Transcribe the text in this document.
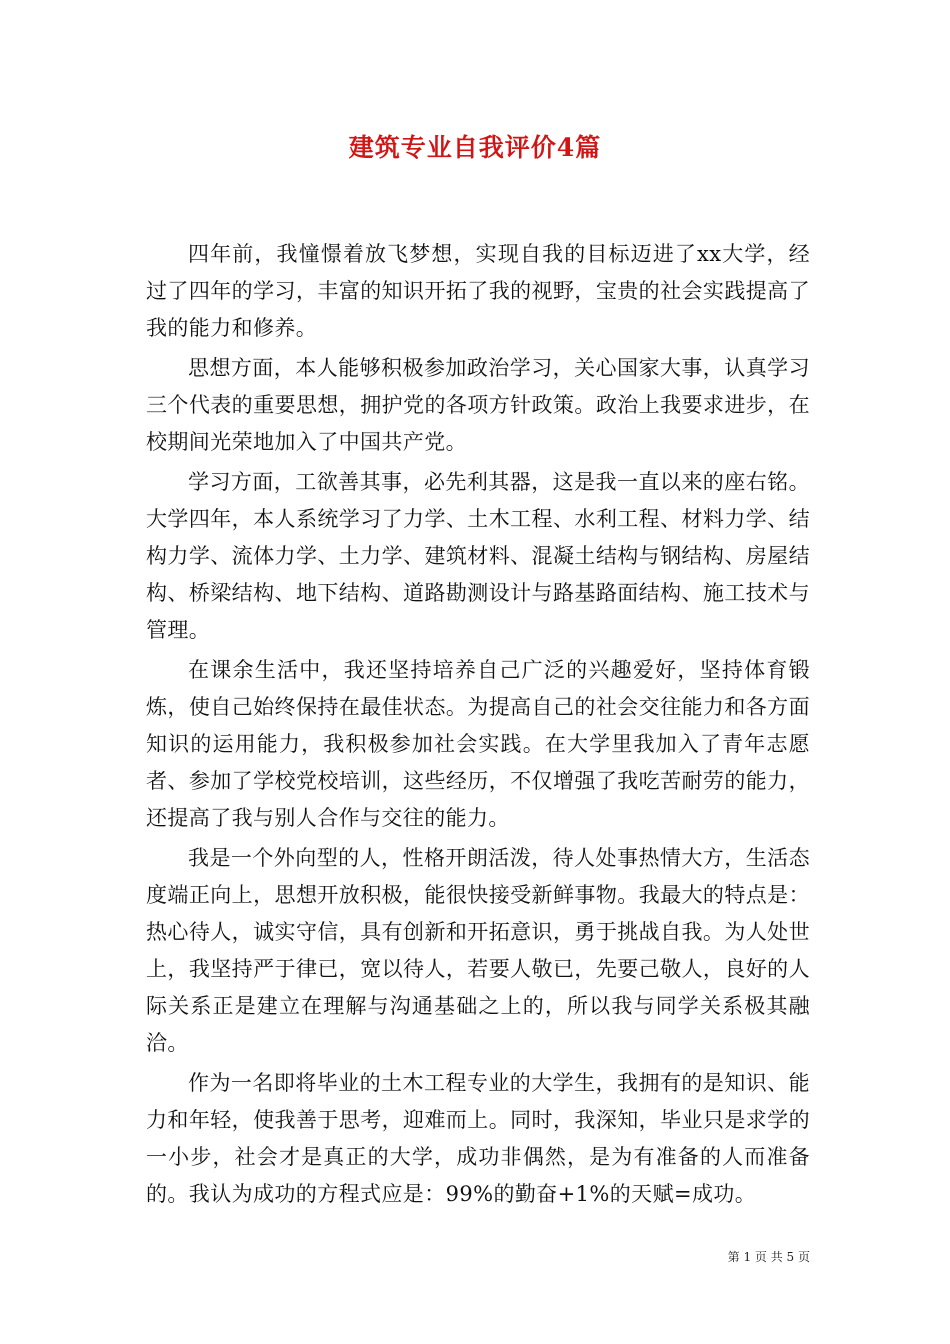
建筑专业自我评价4篇

四年前，我憧憬着放飞梦想，实现自我的目标迈进了xx大学，经过了四年的学习，丰富的知识开拓了我的视野，宝贵的社会实践提高了我的能力和修养。

思想方面，本人能够积极参加政治学习，关心国家大事，认真学习三个代表的重要思想，拥护党的各项方针政策。政治上我要求进步，在校期间光荣地加入了中国共产党。

学习方面，工欲善其事，必先利其器，这是我一直以来的座右铭。大学四年，本人系统学习了力学、土木工程、水利工程、材料力学、结构力学、流体力学、土力学、建筑材料、混凝土结构与钢结构、房屋结构、桥梁结构、地下结构、道路勘测设计与路基路面结构、施工技术与管理。

在课余生活中，我还坚持培养自己广泛的兴趣爱好，坚持体育锻炼，使自己始终保持在最佳状态。为提高自己的社会交往能力和各方面知识的运用能力，我积极参加社会实践。在大学里我加入了青年志愿者、参加了学校党校培训，这些经历，不仅增强了我吃苦耐劳的能力，还提高了我与别人合作与交往的能力。

我是一个外向型的人，性格开朗活泼，待人处事热情大方，生活态度端正向上，思想开放积极，能很快接受新鲜事物。我最大的特点是：热心待人，诚实守信，具有创新和开拓意识，勇于挑战自我。为人处世上，我坚持严于律已，宽以待人，若要人敬已，先要己敬人，良好的人际关系正是建立在理解与沟通基础之上的，所以我与同学关系极其融洽。

作为一名即将毕业的土木工程专业的大学生，我拥有的是知识、能力和年轻，使我善于思考，迎难而上。同时，我深知，毕业只是求学的一小步，社会才是真正的大学，成功非偶然，是为有准备的人而准备的。我认为成功的方程式应是：99%的勤奋+1%的天赋=成功。

第 1 页 共 5 页
